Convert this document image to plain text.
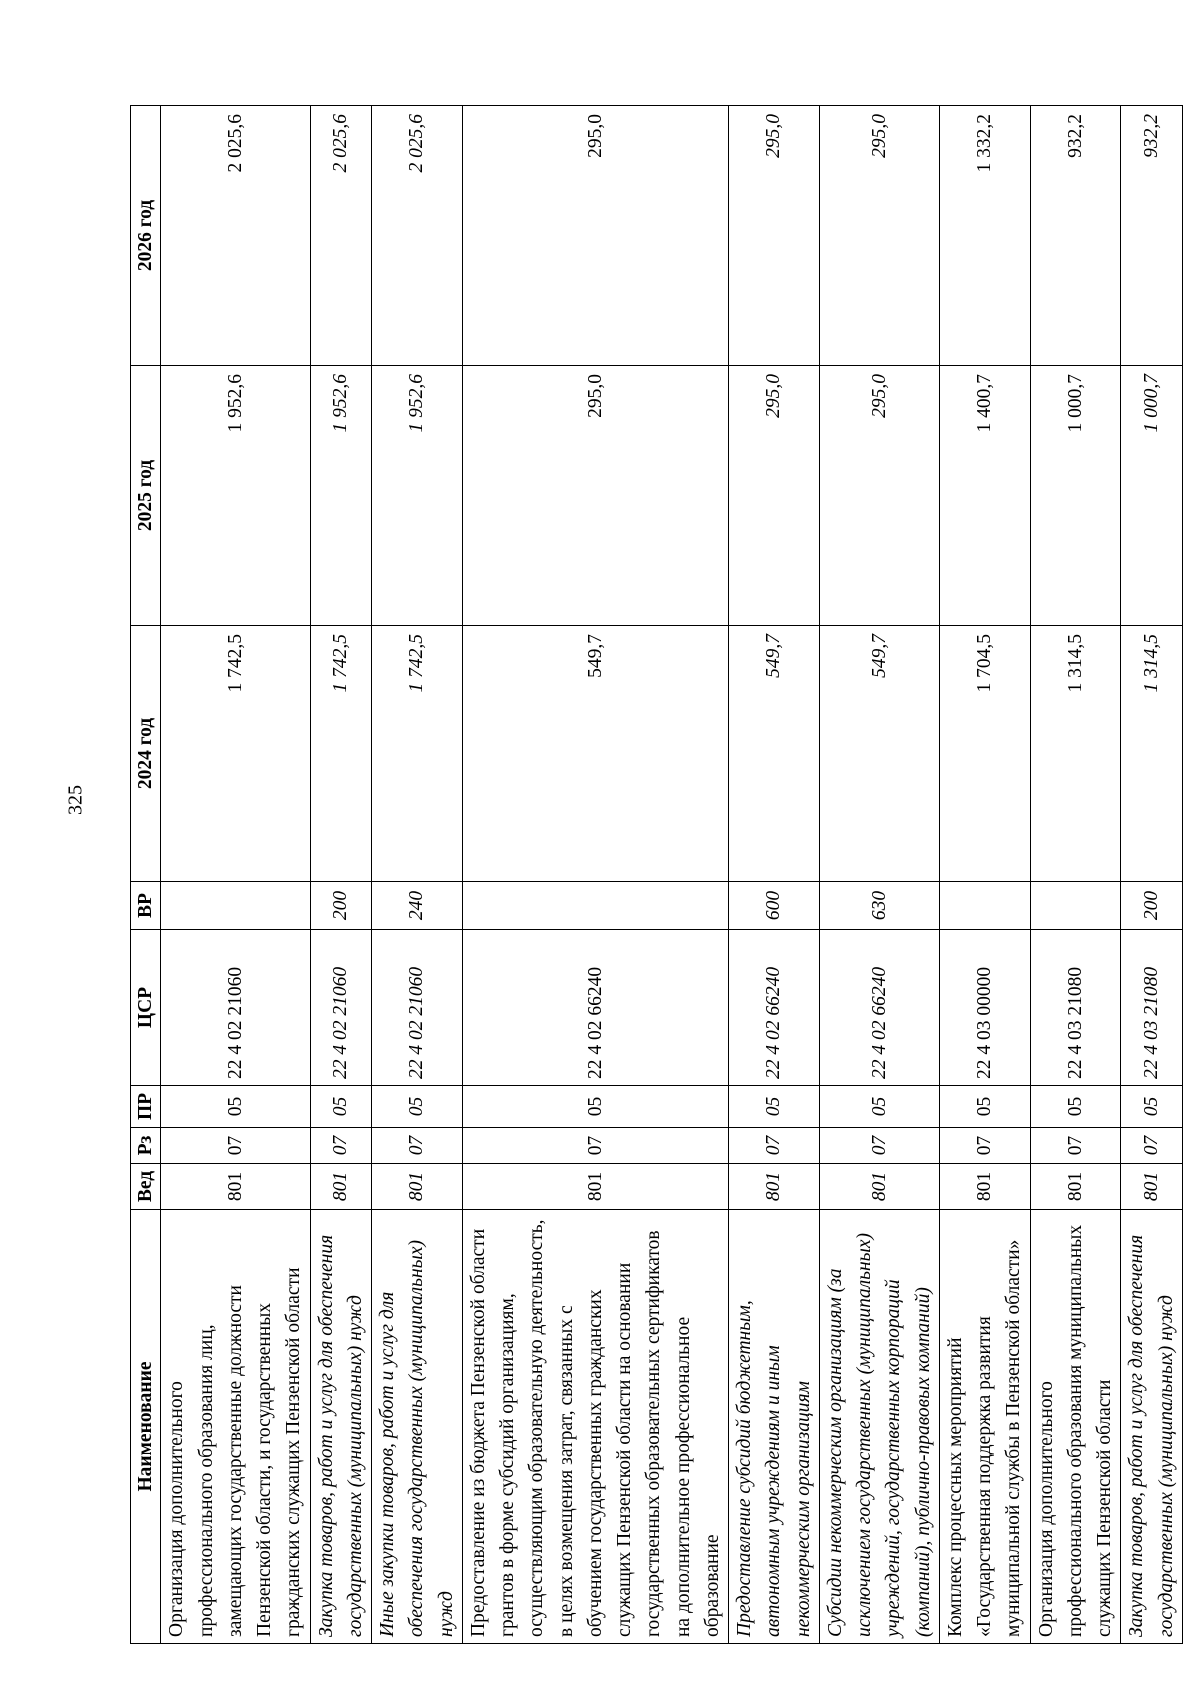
325
Наименование	Вед	Рз	ПР	ЦСР	ВР	2024 год	2025 год	2026 год
Организация дополнительного профессионального образования лиц, замещающих государственные должности Пензенской области, и государственных гражданских служащих Пензенской области	801	07	05	22 4 02 21060		1 742,5	1 952,6	2 025,6
Закупка товаров, работ и услуг для обеспечения государственных (муниципальных) нужд	801	07	05	22 4 02 21060	200	1 742,5	1 952,6	2 025,6
Иные закупки товаров, работ и услуг для обеспечения государственных (муниципальных) нужд	801	07	05	22 4 02 21060	240	1 742,5	1 952,6	2 025,6
Предоставление из бюджета Пензенской области грантов в форме субсидий организациям, осуществляющим образовательную деятельность, в целях возмещения затрат, связанных с обучением государственных гражданских служащих Пензенской области на основании государственных образовательных сертификатов на дополнительное профессиональное образование	801	07	05	22 4 02 66240		549,7	295,0	295,0
Предоставление субсидий бюджетным, автономным учреждениям и иным некоммерческим организациям	801	07	05	22 4 02 66240	600	549,7	295,0	295,0
Субсидии некоммерческим организациям (за исключением государственных (муниципальных) учреждений, государственных корпораций (компаний), публично-правовых компаний)	801	07	05	22 4 02 66240	630	549,7	295,0	295,0
Комплекс процессных мероприятий «Государственная поддержка развития муниципальной службы в Пензенской области»	801	07	05	22 4 03 00000		1 704,5	1 400,7	1 332,2
Организация дополнительного профессионального образования муниципальных служащих Пензенской области	801	07	05	22 4 03 21080		1 314,5	1 000,7	932,2
Закупка товаров, работ и услуг для обеспечения государственных (муниципальных) нужд	801	07	05	22 4 03 21080	200	1 314,5	1 000,7	932,2
